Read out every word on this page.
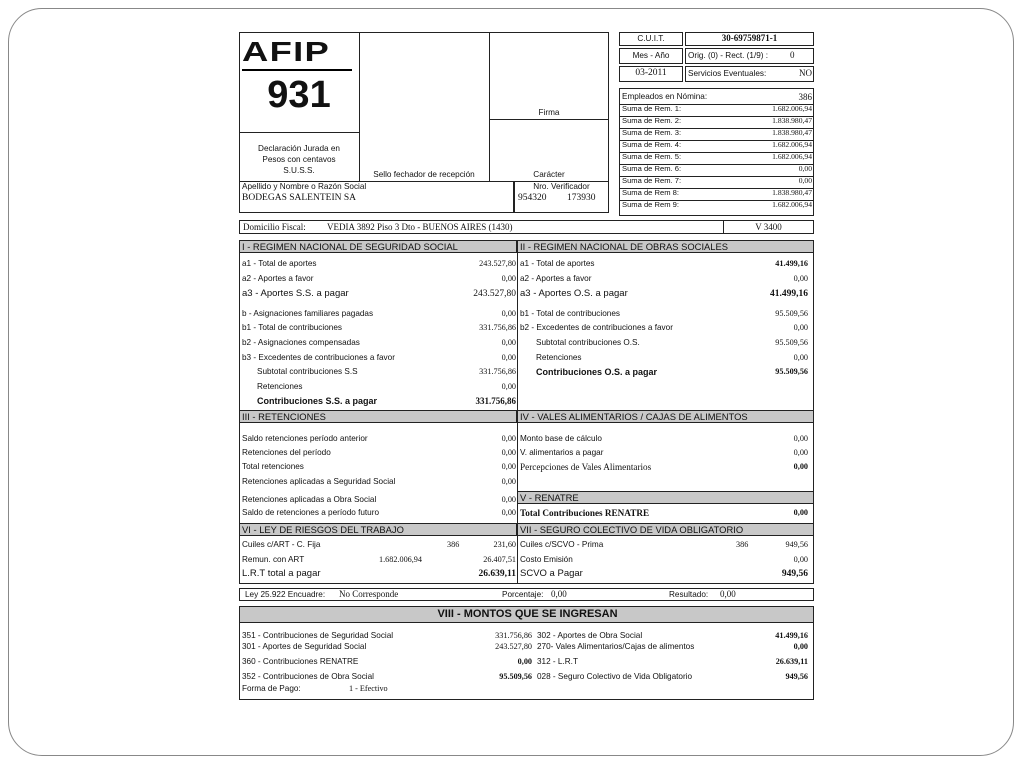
AFIP
931
Declaración Jurada en
Pesos con centavos
S.U.S.S.	Sello fechador de recepción
Firma
Carácter
Apellido y Nombre o Razón Social
BODEGAS SALENTEIN SA
Nro. Verificador
954320 173930
C.U.I.T.	30-69759871-1
Mes - Año	Orig. (0) - Rect. (1/9) : 0
03-2011	Servicios Eventuales:	NO
Empleados en Nómina:	386
Suma de Rem. 1:	1.682.006,94
Suma de Rem. 2:	1.838.980,47
Suma de Rem. 3:	1.838.980,47
Suma de Rem. 4:	1.682.006,94
Suma de Rem. 5:	1.682.006,94
Suma de Rem. 6:	0,00
Suma de Rem. 7:	0,00
Suma de Rem 8:	1.838.980,47
Suma de Rem 9:	1.682.006,94
Domicilio Fiscal: VEDIA 3892 Piso 3 Dto - BUENOS AIRES (1430)	V 3400
I - REGIMEN NACIONAL DE SEGURIDAD SOCIAL	II - REGIMEN NACIONAL DE OBRAS SOCIALES
a1 - Total de aportes	243.527,80 a1 - Total de aportes	41.499,16
a2 - Aportes a favor	0,00 a2 - Aportes a favor	0,00
a3 - Aportes S.S. a pagar	243.527,80 a3 - Aportes O.S. a pagar	41.499,16
b - Asignaciones familiares pagadas	0,00 b1 - Total de contribuciones	95.509,56
b1 - Total de contribuciones	331.756,86 b2 - Excedentes de contribuciones a favor	0,00
b2 - Asignaciones compensadas	0,00 Subtotal contribuciones O.S.	95.509,56
b3 - Excedentes de contribuciones a favor	0,00 Retenciones	0,00
Subtotal contribuciones S.S	331.756,86 Contribuciones O.S. a pagar	95.509,56
Retenciones	0,00
Contribuciones S.S. a pagar	331.756,86
III - RETENCIONES	IV - VALES ALIMENTARIOS / CAJAS DE ALIMENTOS
Saldo retenciones período anterior	0,00 Monto base de cálculo	0,00
Retenciones del período	0,00 V. alimentarios a pagar	0,00
Total retenciones	0,00 Percepciones de Vales Alimentarios	0,00
Retenciones aplicadas a Seguridad Social	0,00
V - RENATRE
Retenciones aplicadas a Obra Social	0,00
Saldo de retenciones a período futuro	0,00 Total Contribuciones RENATRE	0,00
VI - LEY DE RIESGOS DEL TRABAJO	VII - SEGURO COLECTIVO DE VIDA OBLIGATORIO
Cuiles c/ART - C. Fija	386	231,60 Cuiles c/SCVO - Prima	386	949,56
Remun. con ART	1.682.006,94	26.407,51 Costo Emisión	0,00
L.R.T total a pagar	26.639,11 SCVO a Pagar	949,56
Ley 25.922 Encuadre: No Corresponde	Porcentaje: 0,00	Resultado: 0,00
VIII - MONTOS QUE SE INGRESAN
351 - Contribuciones de Seguridad Social	331.756,86 302 - Aportes de Obra Social	41.499,16
301 - Aportes de Seguridad Social	243.527,80 270- Vales Alimentarios/Cajas de alimentos	0,00
360 - Contribuciones RENATRE	0,00 312 - L.R.T	26.639,11
352 - Contribuciones de Obra Social	95.509,56 028 - Seguro Colectivo de Vida Obligatorio	949,56
Forma de Pago:	1 - Efectivo
